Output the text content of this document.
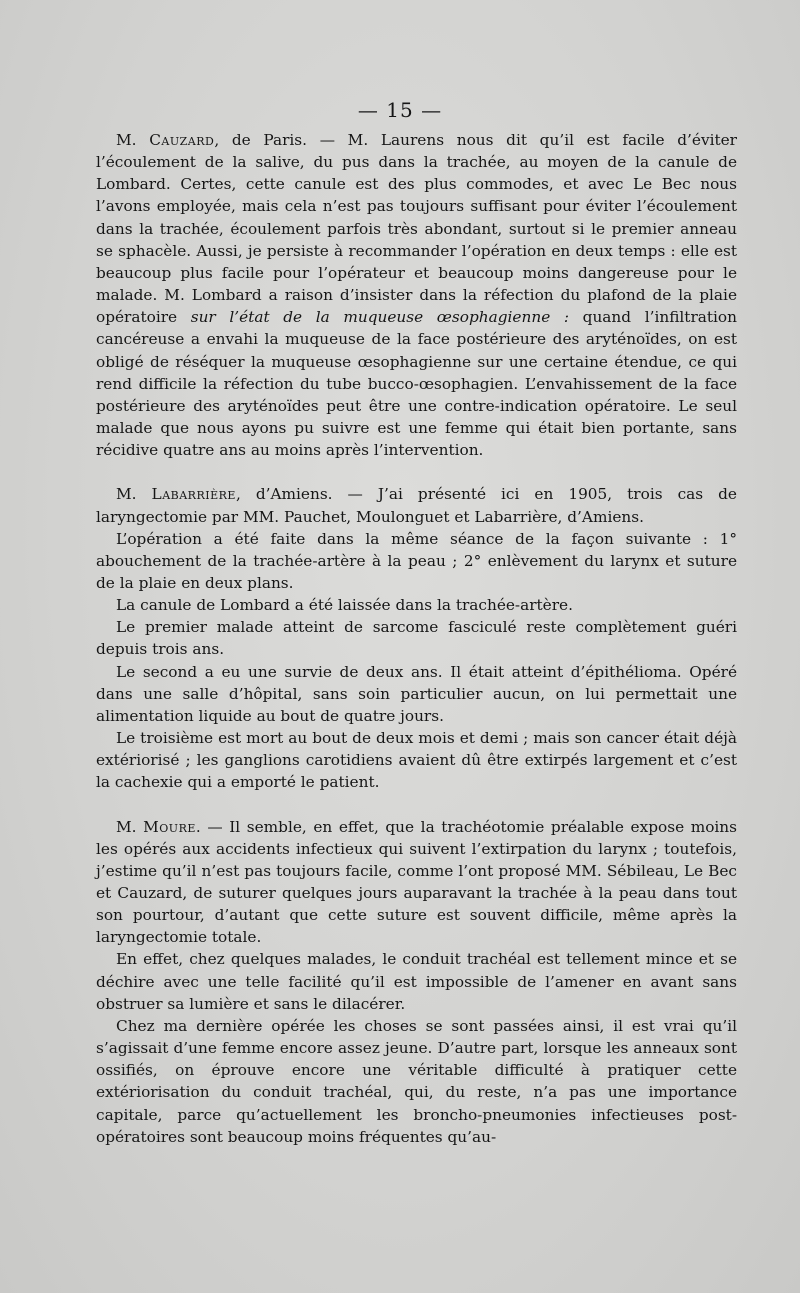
— 15 —

M. Cauzard, de Paris. — M. Laurens nous dit qu’il est facile d’éviter l’écoulement de la salive, du pus dans la trachée, au moyen de la canule de Lombard. Certes, cette canule est des plus commodes, et avec Le Bec nous l’avons employée, mais cela n’est pas toujours suffisant pour éviter l’écoulement dans la trachée, écoulement parfois très abondant, surtout si le premier anneau se sphacèle. Aussi, je persiste à recommander l’opération en deux temps : elle est beaucoup plus facile pour l’opérateur et beaucoup moins dangereuse pour le malade. M. Lombard a raison d’insister dans la réfection du plafond de la plaie opératoire sur l’état de la muqueuse œsophagienne : quand l’infiltration cancéreuse a envahi la muqueuse de la face postérieure des aryténoïdes, on est obligé de réséquer la muqueuse œsophagienne sur une certaine étendue, ce qui rend difficile la réfection du tube bucco-œsophagien. L’envahissement de la face postérieure des aryténoïdes peut être une contre-indication opératoire. Le seul malade que nous ayons pu suivre est une femme qui était bien portante, sans récidive quatre ans au moins après l’intervention.

M. Labarrière, d’Amiens. — J’ai présenté ici en 1905, trois cas de laryngectomie par MM. Pauchet, Moulonguet et Labarrière, d’Amiens.

L’opération a été faite dans la même séance de la façon suivante : 1° abouchement de la trachée-artère à la peau ; 2° enlèvement du larynx et suture de la plaie en deux plans.

La canule de Lombard a été laissée dans la trachée-artère.

Le premier malade atteint de sarcome fasciculé reste complètement guéri depuis trois ans.

Le second a eu une survie de deux ans. Il était atteint d’épithélioma. Opéré dans une salle d’hôpital, sans soin particulier aucun, on lui permettait une alimentation liquide au bout de quatre jours.

Le troisième est mort au bout de deux mois et demi ; mais son cancer était déjà extériorisé ; les ganglions carotidiens avaient dû être extirpés largement et c’est la cachexie qui a emporté le patient.

M. Moure. — Il semble, en effet, que la trachéotomie préalable expose moins les opérés aux accidents infectieux qui suivent l’extirpation du larynx ; toutefois, j’estime qu’il n’est pas toujours facile, comme l’ont proposé MM. Sébileau, Le Bec et Cauzard, de suturer quelques jours auparavant la trachée à la peau dans tout son pourtour, d’autant que cette suture est souvent difficile, même après la laryngectomie totale.

En effet, chez quelques malades, le conduit trachéal est tellement mince et se déchire avec une telle facilité qu’il est impossible de l’amener en avant sans obstruer sa lumière et sans le dilacérer.

Chez ma dernière opérée les choses se sont passées ainsi, il est vrai qu’il s’agissait d’une femme encore assez jeune. D’autre part, lorsque les anneaux sont ossifiés, on éprouve encore une véritable difficulté à pratiquer cette extériorisation du conduit trachéal, qui, du reste, n’a pas une importance capitale, parce qu’actuellement les broncho-pneumonies infectieuses post-opératoires sont beaucoup moins fréquentes qu’au-
